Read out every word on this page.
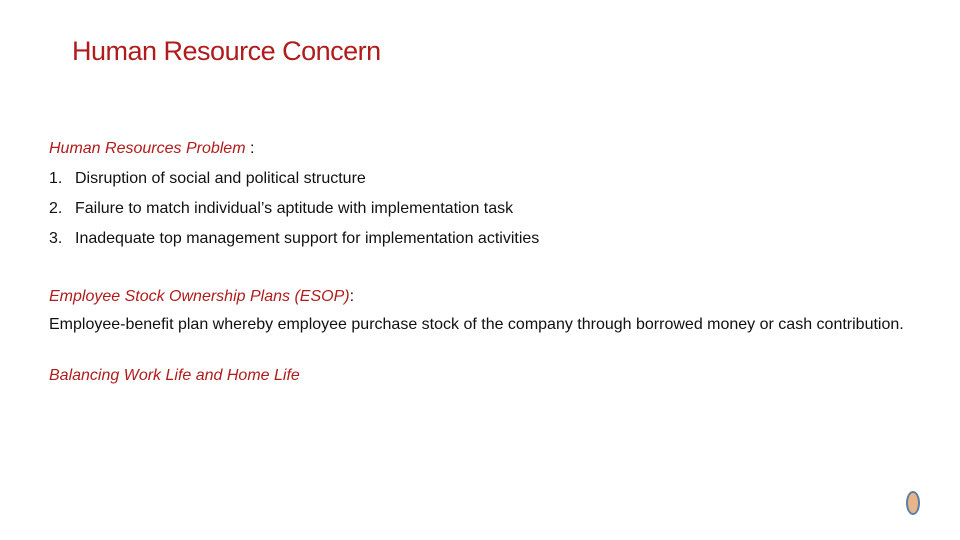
Human Resource Concern
Human Resources Problem :
1. Disruption of social and political structure
2. Failure to match individual’s aptitude with implementation task
3. Inadequate top management support for implementation activities
Employee Stock Ownership Plans (ESOP):
Employee-benefit plan whereby employee purchase stock of the company through borrowed money or cash contribution.
Balancing Work Life and Home Life
